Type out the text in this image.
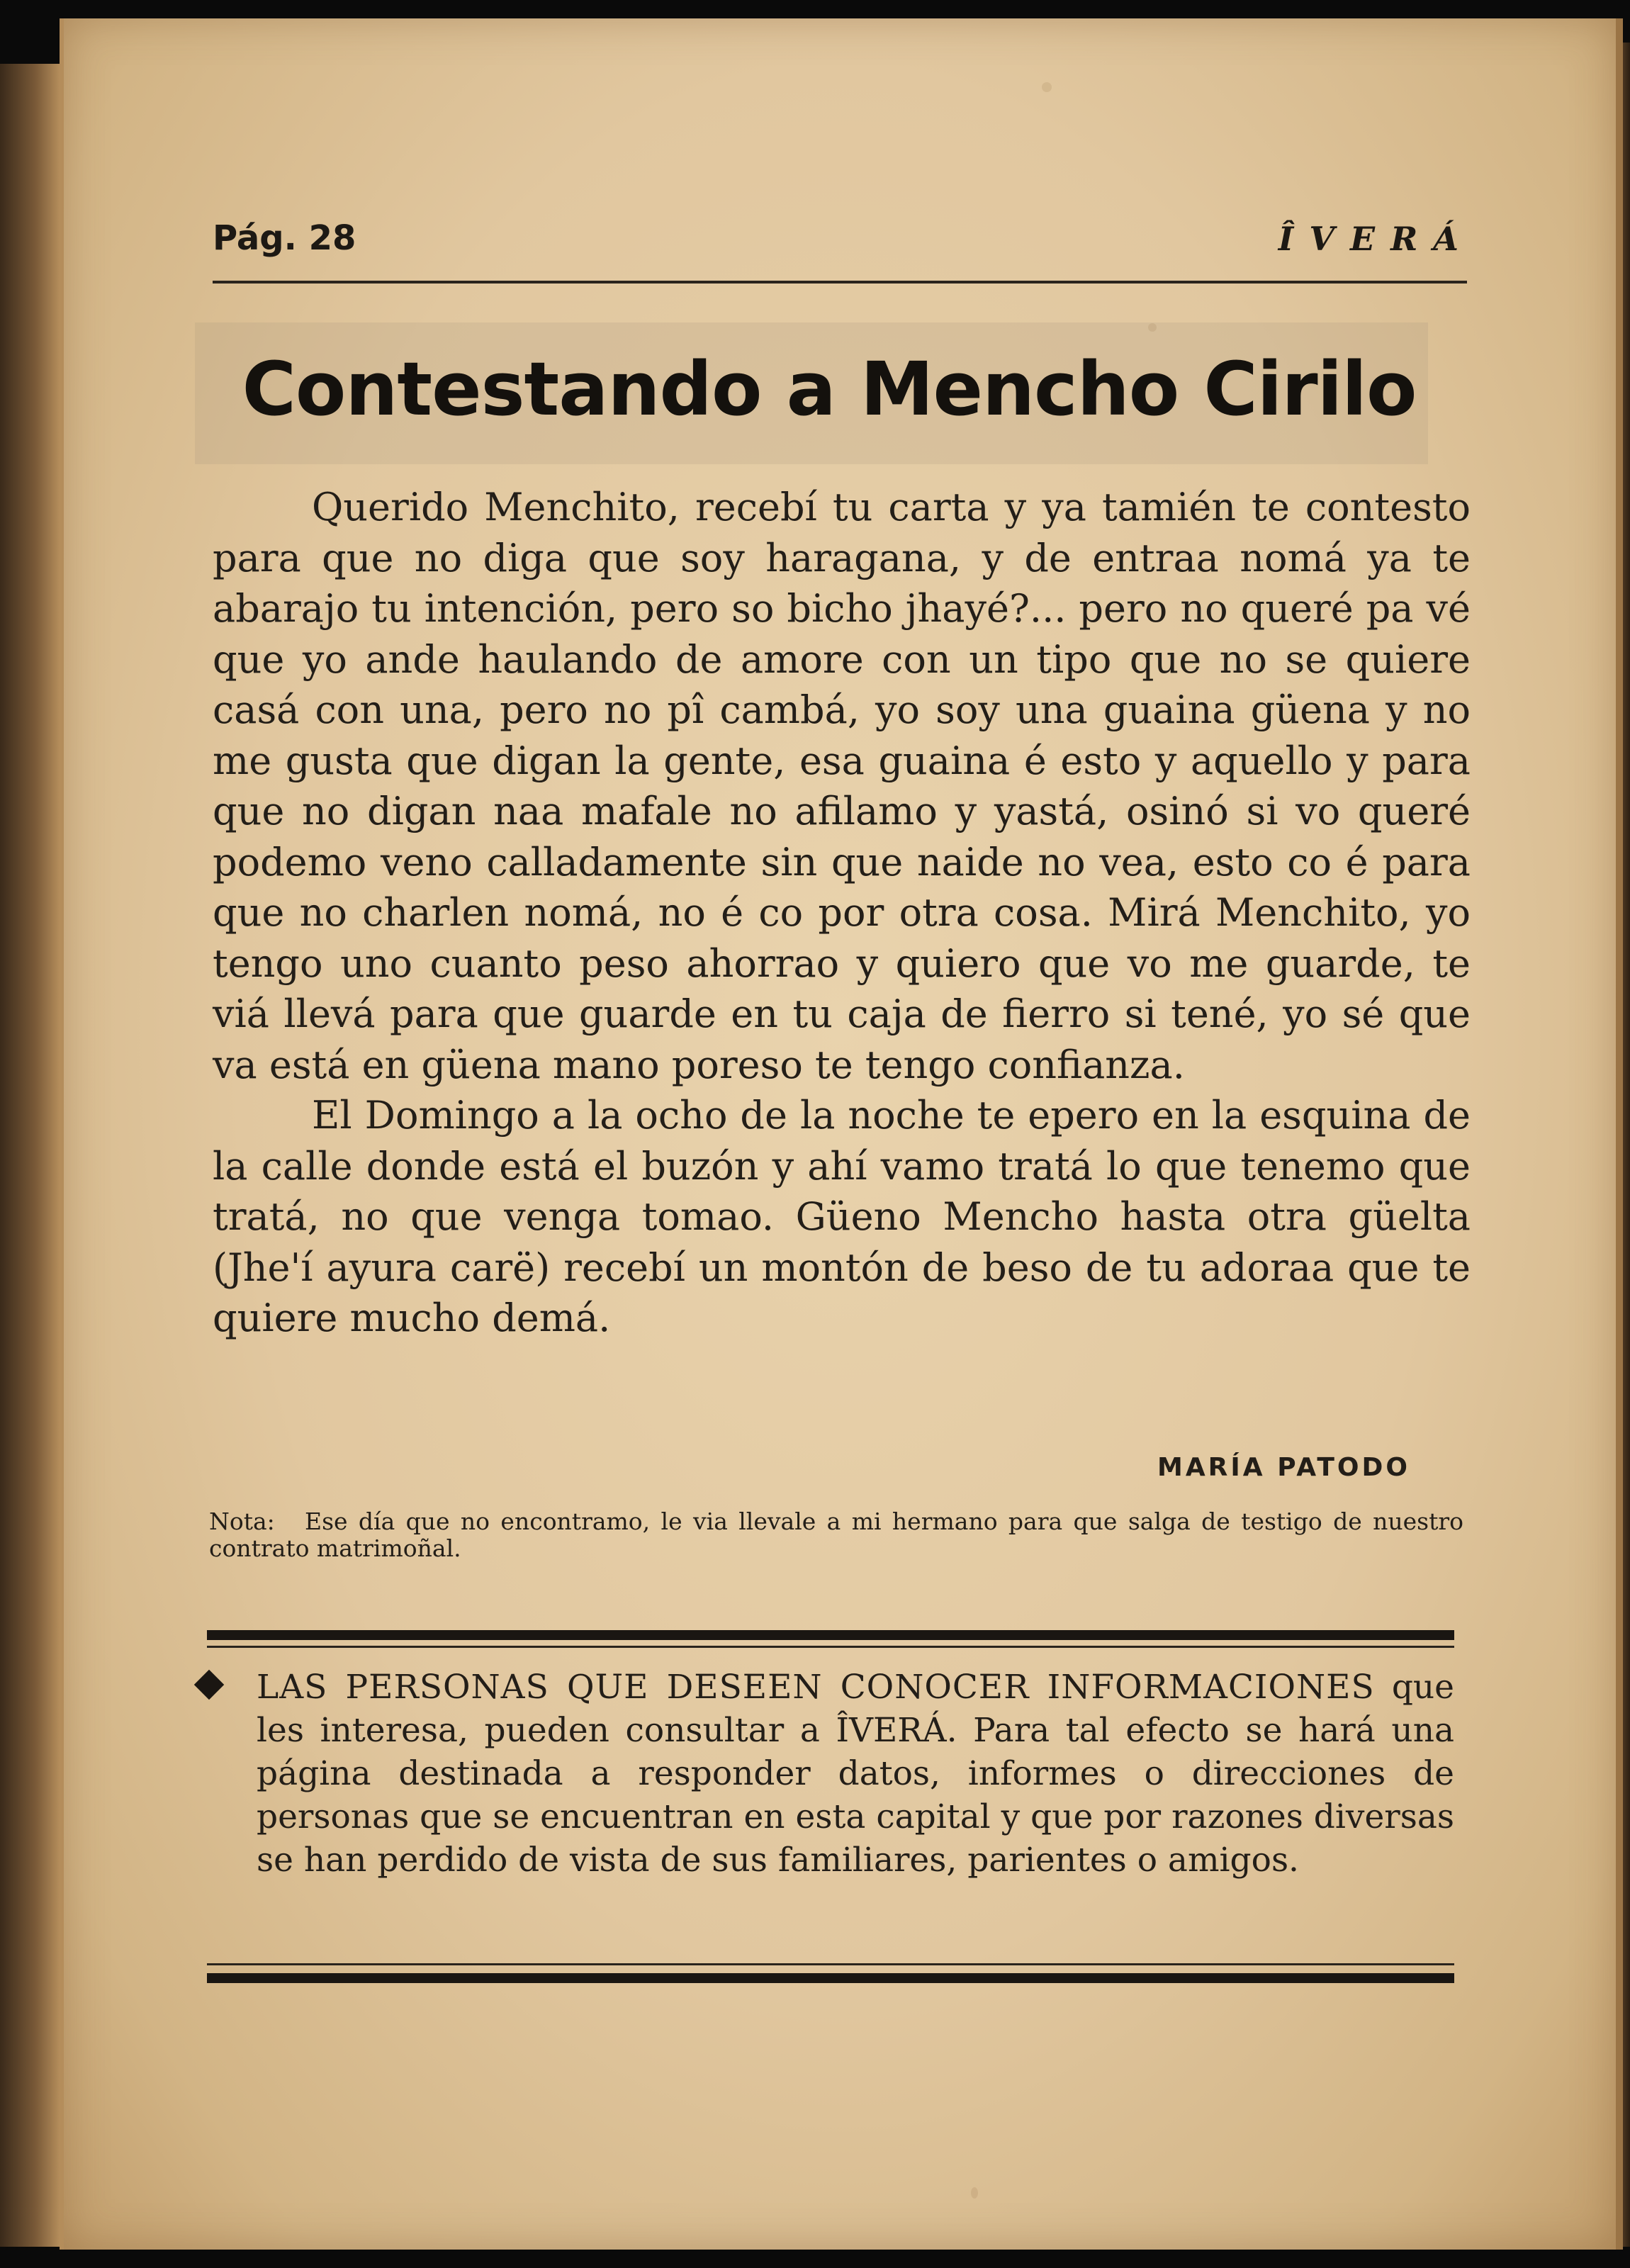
Pág. 28	ÎVERÁ
Contestando a Mencho Cirilo

Querido Menchito, recebí tu carta y ya tamién te contesto para que no diga que soy haragana, y de entraa nomá ya te abarajo tu intención, pero so bicho jhayé?... pero no queré pa vé que yo ande haulando de amore con un tipo que no se quiere casá con una, pero no pî cambá, yo soy una guaina güena y no me gusta que digan la gente, esa guaina é esto y aquello y para que no digan naa mafale no afilamo y yastá, osinó si vo queré podemo veno calladamente sin que naide no vea, esto co é para que no charlen nomá, no é co por otra cosa. Mirá Menchito, yo tengo uno cuanto peso ahorrao y quiero que vo me guarde, te viá llevá para que guarde en tu caja de fierro si tené, yo sé que va está en güena mano poreso te tengo confianza.

El Domingo a la ocho de la noche te epero en la esquina de la calle donde está el buzón y ahí vamo tratá lo que tenemo que tratá, no que venga tomao. Güeno Mencho hasta otra güelta (Jhe'í ayura carë) recebí un montón de beso de tu adoraa que te quiere mucho demá.

MARÍA PATODO
Nota: Ese día que no encontramo, le via llevale a mi hermano para que salga de testigo de nuestro contrato matrimoñal.
LAS PERSONAS QUE DESEEN CONOCER INFORMACIONES que les interesa, pueden consultar a ÎVERÁ. Para tal efecto se hará una página destinada a responder datos, informes o direcciones de personas que se encuentran en esta capital y que por razones diversas se han perdido de vista de sus familiares, parientes o amigos.
